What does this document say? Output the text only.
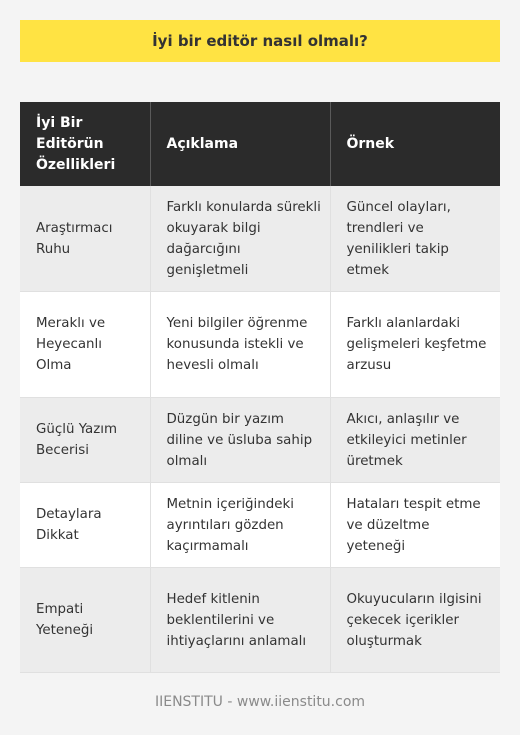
İyi bir editör nasıl olmalı?
İyi Bir Editörün Özellikleri	Açıklama	Örnek
Araştırmacı Ruhu	Farklı konularda sürekli okuyarak bilgi dağarcığını genişletmeli	Güncel olayları, trendleri ve yenilikleri takip etmek
Meraklı ve Heyecanlı Olma	Yeni bilgiler öğrenme konusunda istekli ve hevesli olmalı	Farklı alanlardaki gelişmeleri keşfetme arzusu
Güçlü Yazım Becerisi	Düzgün bir yazım diline ve üsluba sahip olmalı	Akıcı, anlaşılır ve etkileyici metinler üretmek
Detaylara Dikkat	Metnin içeriğindeki ayrıntıları gözden kaçırmamalı	Hataları tespit etme ve düzeltme yeteneği
Empati Yeteneği	Hedef kitlenin beklentilerini ve ihtiyaçlarını anlamalı	Okuyucuların ilgisini çekecek içerikler oluşturmak
IIENSTITU - www.iienstitu.com
